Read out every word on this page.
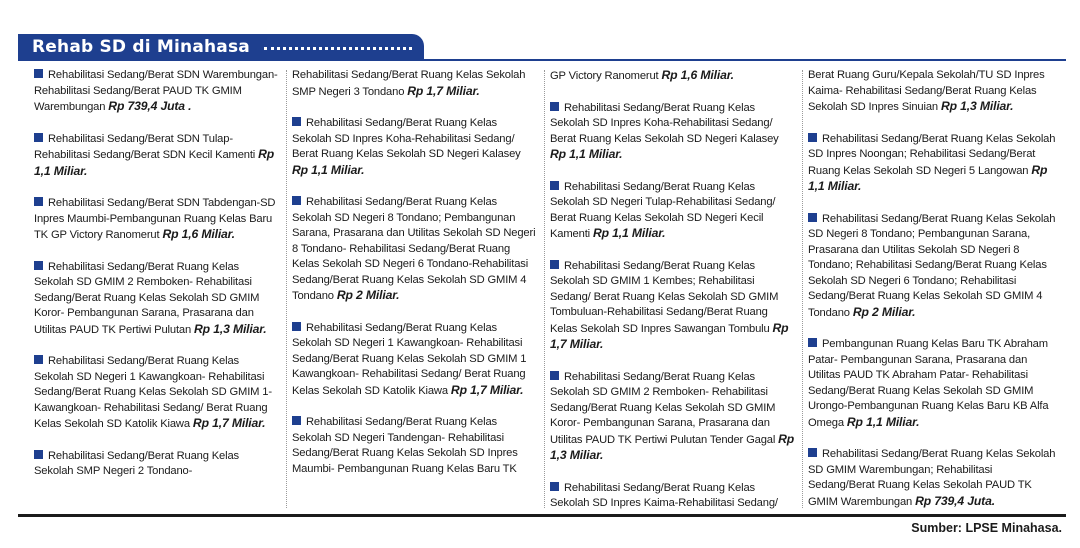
Rehab SD di Minahasa
Rehabilitasi Sedang/Berat SDN Warembungan-Rehabilitasi Sedang/Berat PAUD TK GMIM Warembungan Rp 739,4 Juta .
Rehabilitasi Sedang/Berat SDN Tulap-Rehabilitasi Sedang/Berat SDN Kecil Kamenti Rp 1,1 Miliar.
Rehabilitasi Sedang/Berat SDN Tabdengan-SD Inpres Maumbi-Pembangunan Ruang Kelas Baru TK GP Victory Ranomerut Rp 1,6 Miliar.
Rehabilitasi Sedang/Berat Ruang Kelas Sekolah SD GMIM 2 Remboken- Rehabilitasi Sedang/Berat Ruang Kelas Sekolah SD GMIM Koror- Pembangunan Sarana, Prasarana dan Utilitas PAUD TK Pertiwi Pulutan Rp 1,3 Miliar.
Rehabilitasi Sedang/Berat Ruang Kelas Sekolah SD Negeri 1 Kawangkoan- Rehabilitasi Sedang/Berat Ruang Kelas Sekolah SD GMIM 1- Kawangkoan- Rehabilitasi Sedang/ Berat Ruang Kelas Sekolah SD Katolik Kiawa Rp 1,7 Miliar.
Rehabilitasi Sedang/Berat Ruang Kelas Sekolah SMP Negeri 2 Tondano-
Rehabilitasi Sedang/Berat Ruang Kelas Sekolah SMP Negeri 3 Tondano Rp 1,7 Miliar.
Rehabilitasi Sedang/Berat Ruang Kelas Sekolah SD Inpres Koha-Rehabilitasi Sedang/ Berat Ruang Kelas Sekolah SD Negeri Kalasey Rp 1,1 Miliar.
Rehabilitasi Sedang/Berat Ruang Kelas Sekolah SD Negeri 8 Tondano; Pembangunan Sarana, Prasarana dan Utilitas Sekolah SD Negeri 8 Tondano- Rehabilitasi Sedang/Berat Ruang Kelas Sekolah SD Negeri 6 Tondano-Rehabilitasi Sedang/Berat Ruang Kelas Sekolah SD GMIM 4 Tondano Rp 2 Miliar.
Rehabilitasi Sedang/Berat Ruang Kelas Sekolah SD Negeri 1 Kawangkoan- Rehabilitasi Sedang/Berat Ruang Kelas Sekolah SD GMIM 1 Kawangkoan- Rehabilitasi Sedang/ Berat Ruang Kelas Sekolah SD Katolik Kiawa Rp 1,7 Miliar.
Rehabilitasi Sedang/Berat Ruang Kelas Sekolah SD Negeri Tandengan- Rehabilitasi Sedang/Berat Ruang Kelas Sekolah SD Inpres Maumbi- Pembangunan Ruang Kelas Baru TK
GP Victory Ranomerut Rp 1,6 Miliar.
Rehabilitasi Sedang/Berat Ruang Kelas Sekolah SD Inpres Koha-Rehabilitasi Sedang/ Berat Ruang Kelas Sekolah SD Negeri Kalasey Rp 1,1 Miliar.
Rehabilitasi Sedang/Berat Ruang Kelas Sekolah SD Negeri Tulap-Rehabilitasi Sedang/ Berat Ruang Kelas Sekolah SD Negeri Kecil Kamenti Rp 1,1 Miliar.
Rehabilitasi Sedang/Berat Ruang Kelas Sekolah SD GMIM 1 Kembes; Rehabilitasi Sedang/ Berat Ruang Kelas Sekolah SD GMIM Tombuluan-Rehabilitasi Sedang/Berat Ruang Kelas Sekolah SD Inpres Sawangan Tombulu Rp 1,7 Miliar.
Rehabilitasi Sedang/Berat Ruang Kelas Sekolah SD GMIM 2 Remboken- Rehabilitasi Sedang/Berat Ruang Kelas Sekolah SD GMIM Koror- Pembangunan Sarana, Prasarana dan Utilitas PAUD TK Pertiwi Pulutan Tender Gagal Rp 1,3 Miliar.
Rehabilitasi Sedang/Berat Ruang Kelas Sekolah SD Inpres Kaima-Rehabilitasi Sedang/
Berat Ruang Guru/Kepala Sekolah/TU SD Inpres Kaima- Rehabilitasi Sedang/Berat Ruang Kelas Sekolah SD Inpres Sinuian Rp 1,3 Miliar.
Rehabilitasi Sedang/Berat Ruang Kelas Sekolah SD Inpres Noongan; Rehabilitasi Sedang/Berat Ruang Kelas Sekolah SD Negeri 5 Langowan Rp 1,1 Miliar.
Rehabilitasi Sedang/Berat Ruang Kelas Sekolah SD Negeri 8 Tondano; Pembangunan Sarana, Prasarana dan Utilitas Sekolah SD Negeri 8 Tondano; Rehabilitasi Sedang/Berat Ruang Kelas Sekolah SD Negeri 6 Tondano; Rehabilitasi Sedang/Berat Ruang Kelas Sekolah SD GMIM 4 Tondano Rp 2 Miliar.
Pembangunan Ruang Kelas Baru TK Abraham Patar- Pembangunan Sarana, Prasarana dan Utilitas PAUD TK Abraham Patar- Rehabilitasi Sedang/Berat Ruang Kelas Sekolah SD GMIM Urongo-Pembangunan Ruang Kelas Baru KB Alfa Omega Rp 1,1 Miliar.
Rehabilitasi Sedang/Berat Ruang Kelas Sekolah SD GMIM Warembungan; Rehabilitasi Sedang/Berat Ruang Kelas Sekolah PAUD TK GMIM Warembungan Rp 739,4 Juta.
Sumber: LPSE Minahasa.
